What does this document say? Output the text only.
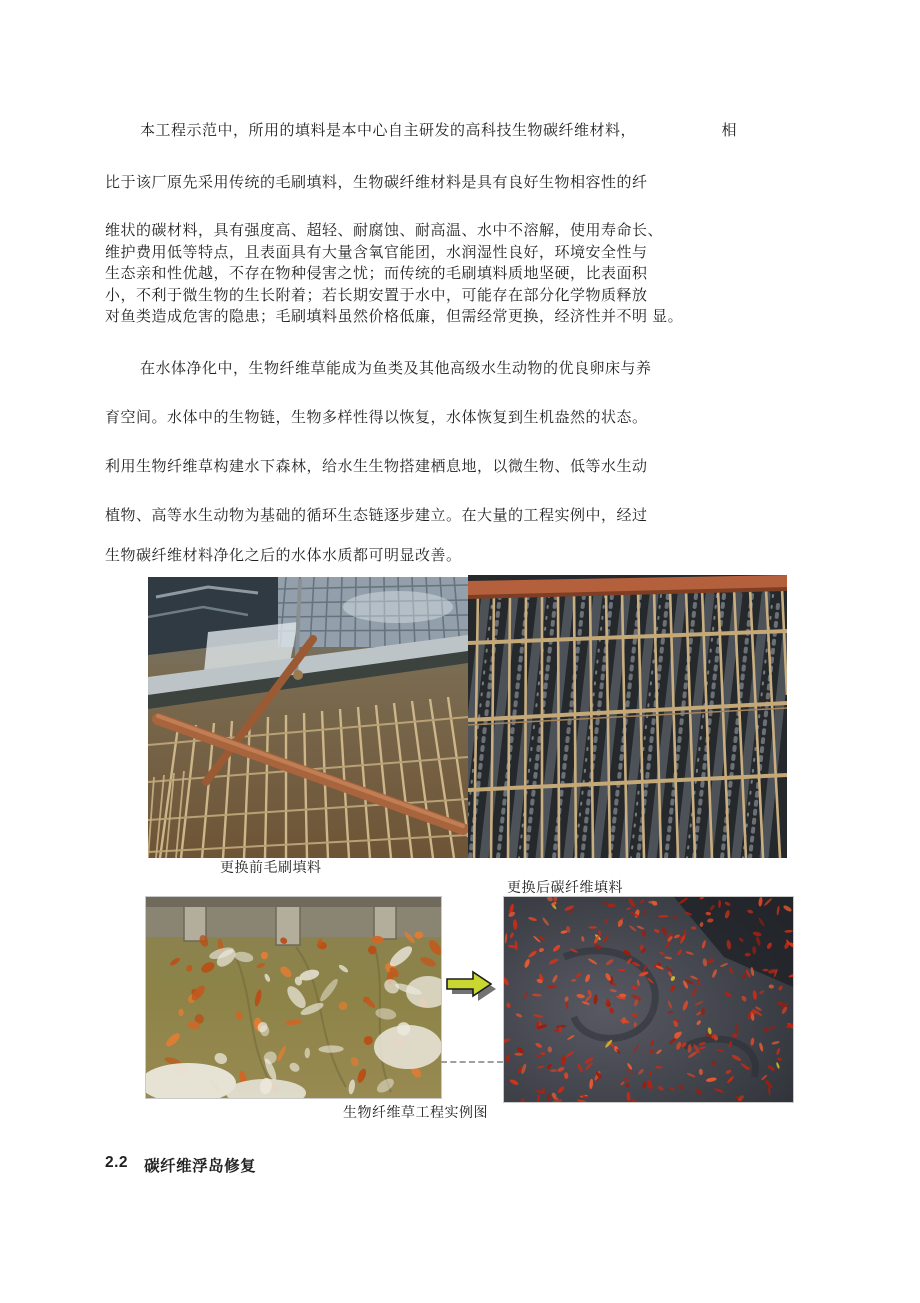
本工程示范中，所用的填料是本中心自主研发的高科技生物碳纤维材料，	相
比于该厂原先采用传统的毛刷填料，生物碳纤维材料是具有良好生物相容性的纤
维状的碳材料，具有强度高、超轻、耐腐蚀、耐高温、水中不溶解，使用寿命长、
维护费用低等特点，且表面具有大量含氧官能团，水润湿性良好，环境安全性与
生态亲和性优越，不存在物种侵害之忧；而传统的毛刷填料质地坚硬，比表面积
小，不利于微生物的生长附着；若长期安置于水中，可能存在部分化学物质释放
对鱼类造成危害的隐患；毛刷填料虽然价格低廉，但需经常更换，经济性并不明 显。
在水体净化中，生物纤维草能成为鱼类及其他高级水生动物的优良卵床与养
育空间。水体中的生物链，生物多样性得以恢复，水体恢复到生机盎然的状态。
利用生物纤维草构建水下森林，给水生生物搭建栖息地，以微生物、低等水生动
植物、高等水生动物为基础的循环生态链逐步建立。在大量的工程实例中，经过
生物碳纤维材料净化之后的水体水质都可明显改善。
更换前毛刷填料
更换后碳纤维填料
生物纤维草工程实例图
2.2 碳纤维浮岛修复
